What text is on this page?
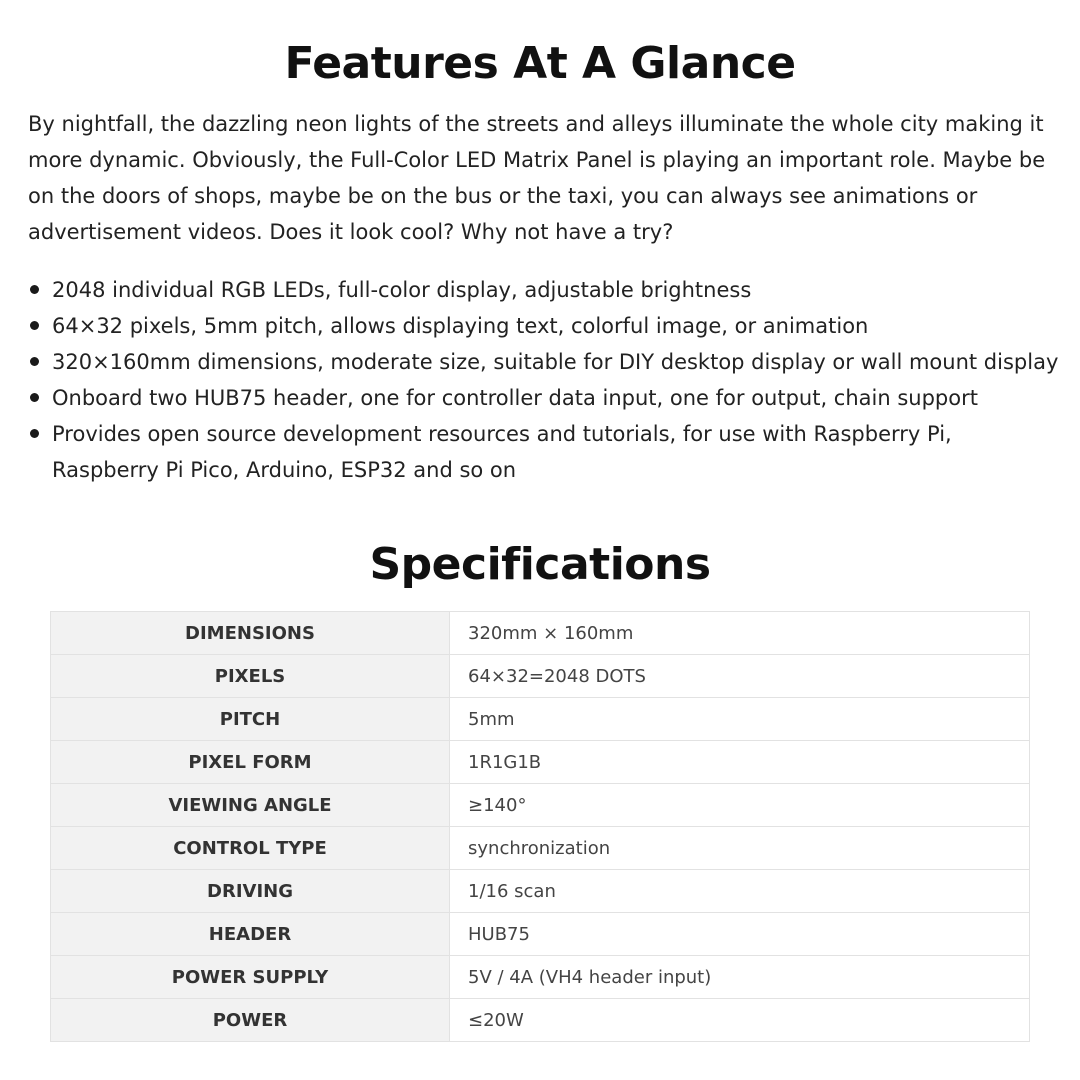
Features At A Glance

By nightfall, the dazzling neon lights of the streets and alleys illuminate the whole city making it more dynamic. Obviously, the Full-Color LED Matrix Panel is playing an important role. Maybe be on the doors of shops, maybe be on the bus or the taxi, you can always see animations or advertisement videos. Does it look cool? Why not have a try?

2048 individual RGB LEDs, full-color display, adjustable brightness
64×32 pixels, 5mm pitch, allows displaying text, colorful image, or animation
320×160mm dimensions, moderate size, suitable for DIY desktop display or wall mount display
Onboard two HUB75 header, one for controller data input, one for output, chain support
Provides open source development resources and tutorials, for use with Raspberry Pi, Raspberry Pi Pico, Arduino, ESP32 and so on
Specifications
DIMENSIONS	320mm × 160mm
PIXELS	64×32=2048 DOTS
PITCH	5mm
PIXEL FORM	1R1G1B
VIEWING ANGLE	≥140°
CONTROL TYPE	synchronization
DRIVING	1/16 scan
HEADER	HUB75
POWER SUPPLY	5V / 4A (VH4 header input)
POWER	≤20W
